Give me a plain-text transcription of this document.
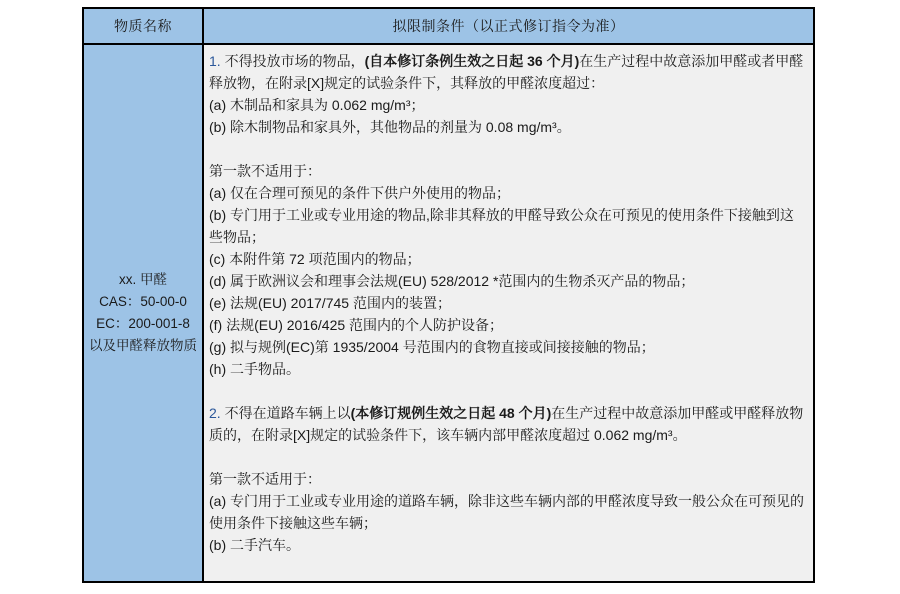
物质名称	拟限制条件（以正式修订指令为准）
xx. 甲醛
CAS：50-00-0
EC：200-001-8
以及甲醛释放物质
1. 不得投放市场的物品，(自本修订条例生效之日起 36 个月)在生产过程中故意添加甲醛或者甲醛释放物，在附录[X]规定的试验条件下，其释放的甲醛浓度超过：
(a) 木制品和家具为 0.062 mg/m³；
(b) 除木制物品和家具外，其他物品的剂量为 0.08 mg/m³。
第一款不适用于：
(a) 仅在合理可预见的条件下供户外使用的物品；
(b) 专门用于工业或专业用途的物品,除非其释放的甲醛导致公众在可预见的使用条件下接触到这些物品；
(c) 本附件第 72 项范围内的物品；
(d) 属于欧洲议会和理事会法规(EU) 528/2012 *范围内的生物杀灭产品的物品；
(e) 法规(EU) 2017/745 范围内的装置；
(f) 法规(EU) 2016/425 范围内的个人防护设备；
(g) 拟与规例(EC)第 1935/2004 号范围内的食物直接或间接接触的物品；
(h) 二手物品。
2. 不得在道路车辆上以(本修订规例生效之日起 48 个月)在生产过程中故意添加甲醛或甲醛释放物质的，在附录[X]规定的试验条件下，该车辆内部甲醛浓度超过 0.062 mg/m³。
第一款不适用于：
(a) 专门用于工业或专业用途的道路车辆，除非这些车辆内部的甲醛浓度导致一般公众在可预见的使用条件下接触这些车辆；
(b) 二手汽车。
